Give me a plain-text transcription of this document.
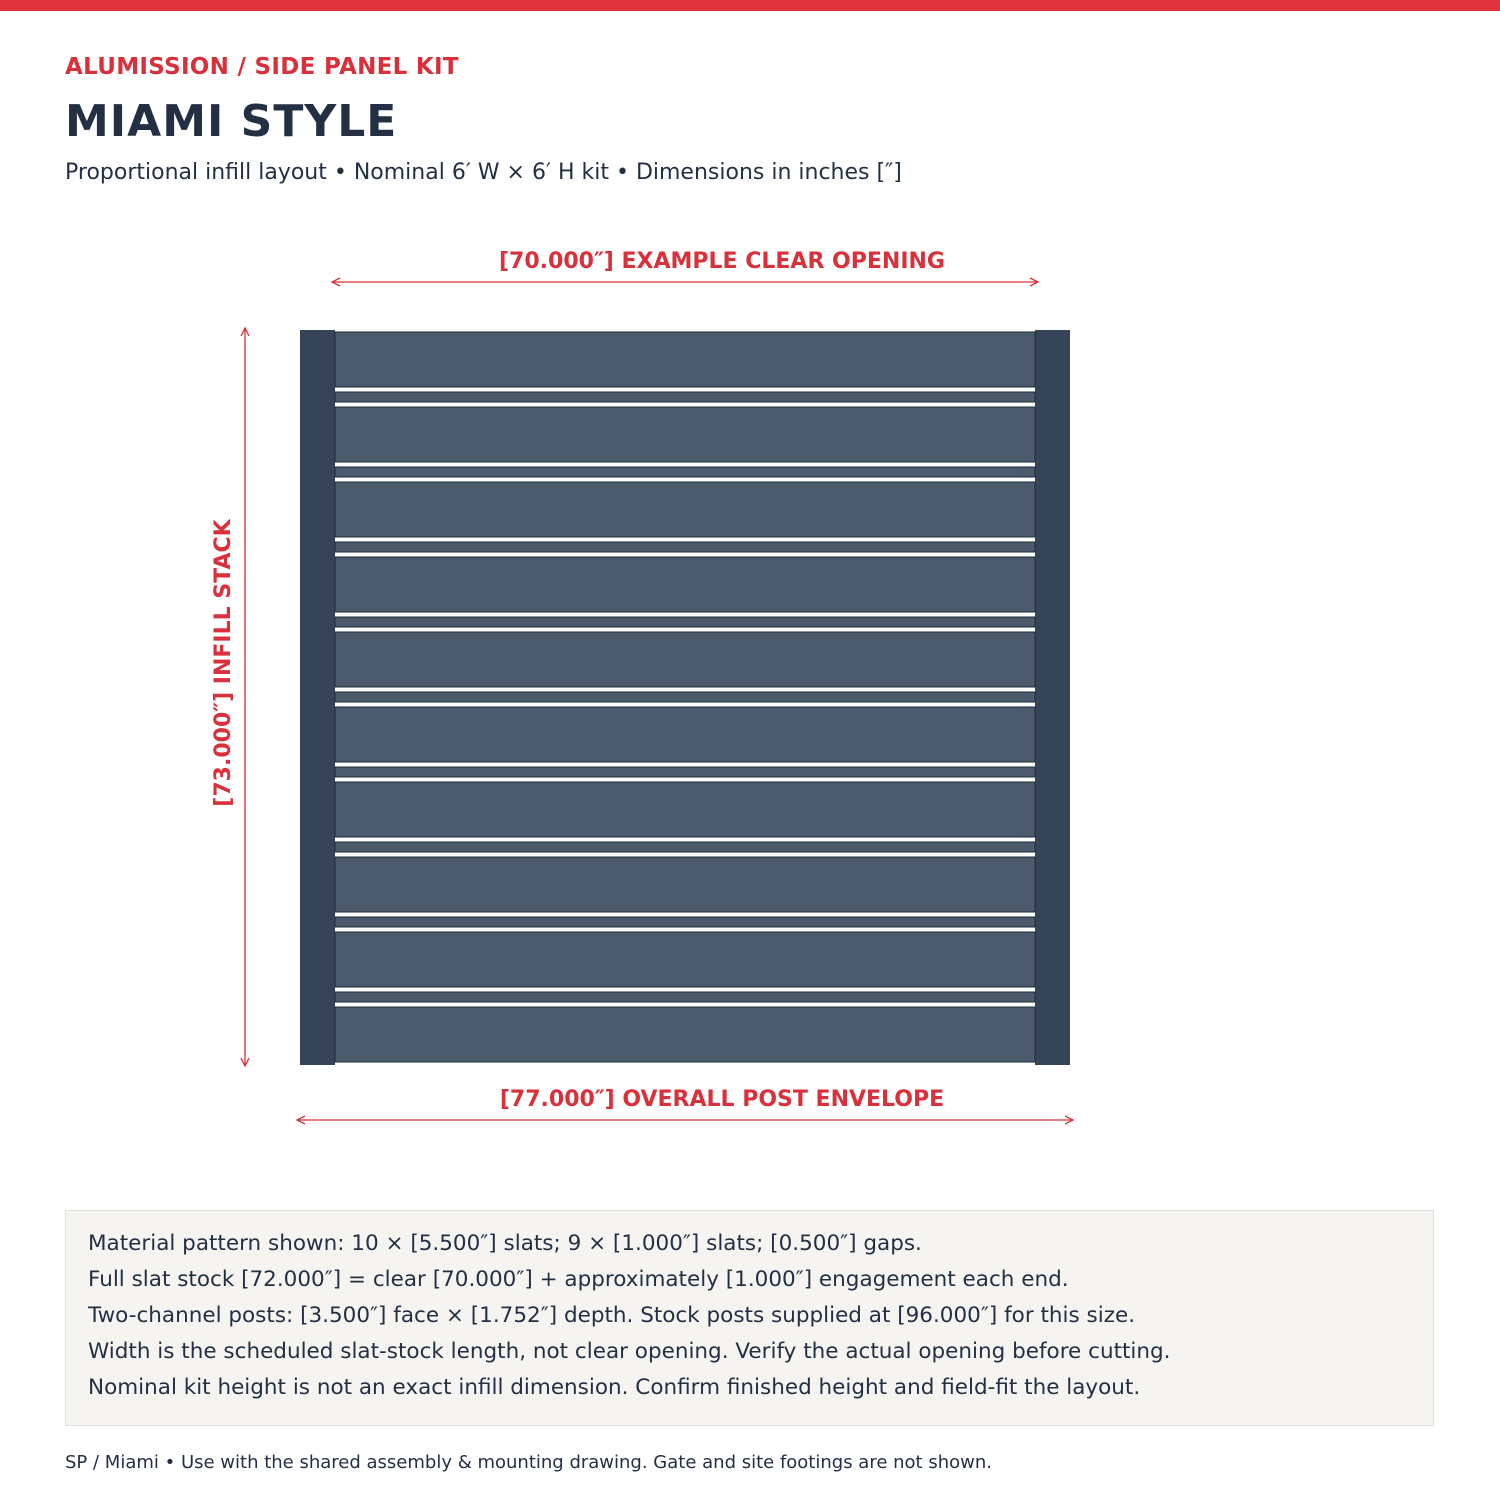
ALUMISSION / SIDE PANEL KIT
MIAMI STYLE
Proportional infill layout • Nominal 6′ W × 6′ H kit • Dimensions in inches [″]
[70.000″] EXAMPLE CLEAR OPENING
[77.000″] OVERALL POST ENVELOPE
[73.000″] INFILL STACK
Material pattern shown: 10 × [5.500″] slats; 9 × [1.000″] slats; [0.500″] gaps.
Full slat stock [72.000″] = clear [70.000″] + approximately [1.000″] engagement each end.
Two-channel posts: [3.500″] face × [1.752″] depth. Stock posts supplied at [96.000″] for this size.
Width is the scheduled slat-stock length, not clear opening. Verify the actual opening before cutting.
Nominal kit height is not an exact infill dimension. Confirm finished height and field-fit the layout.
SP / Miami • Use with the shared assembly & mounting drawing. Gate and site footings are not shown.
